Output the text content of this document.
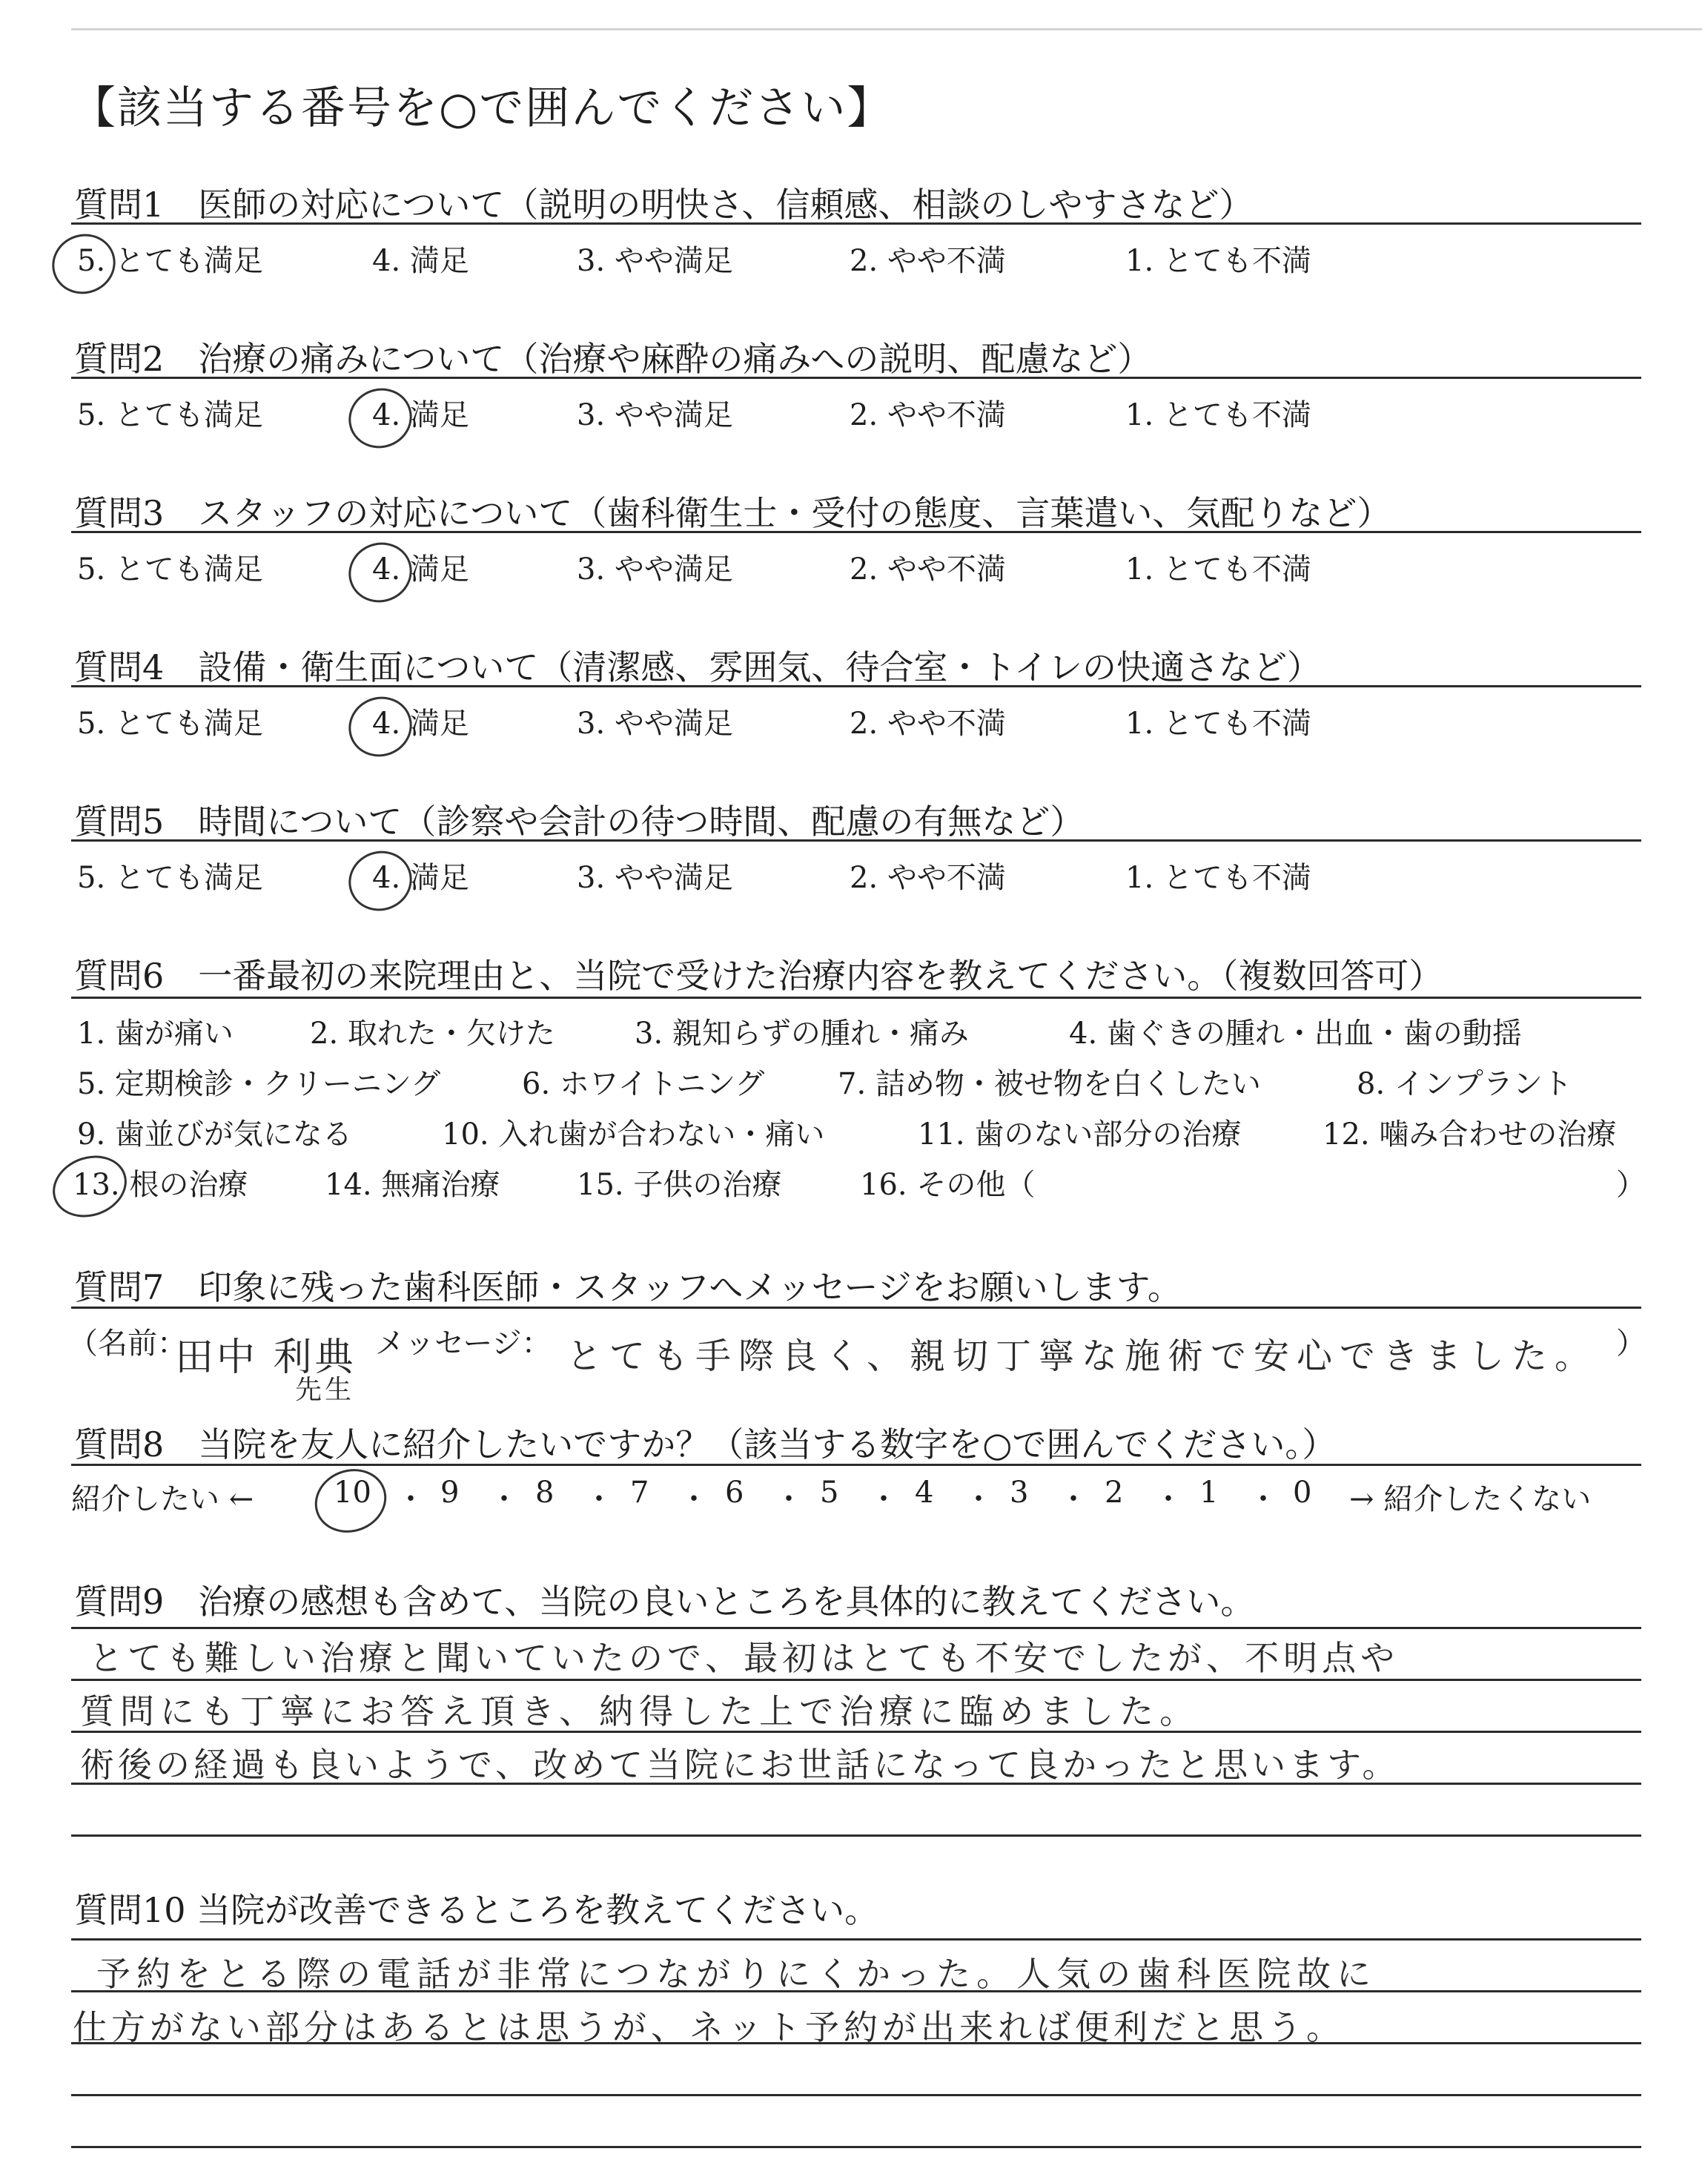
【該当する番号を○で囲んでください】
質問1　医師の対応について（説明の明快さ、信頼感、相談のしやすさなど）
5. とても満足	4. 満足	3. やや満足	2. やや不満	1. とても不満
質問2　治療の痛みについて（治療や麻酔の痛みへの説明、配慮など）
5. とても満足	4. 満足	3. やや満足	2. やや不満	1. とても不満
質問3　スタッフの対応について（歯科衛生士・受付の態度、言葉遣い、気配りなど）
5. とても満足	4. 満足	3. やや満足	2. やや不満	1. とても不満
質問4　設備・衛生面について（清潔感、雰囲気、待合室・トイレの快適さなど）
5. とても満足	4. 満足	3. やや満足	2. やや不満	1. とても不満
質問5　時間について（診察や会計の待つ時間、配慮の有無など）
5. とても満足	4. 満足	3. やや満足	2. やや不満	1. とても不満
質問6　一番最初の来院理由と、当院で受けた治療内容を教えてください。（複数回答可）
1. 歯が痛い	2. 取れた・欠けた	3. 親知らずの腫れ・痛み	4. 歯ぐきの腫れ・出血・歯の動揺
5. 定期検診・クリーニング	6. ホワイトニング 7. 詰め物・被せ物を白くしたい	8. インプラント
9. 歯並びが気になる	10. 入れ歯が合わない・痛い	11. 歯のない部分の治療	12. 噛み合わせの治療
13. 根の治療	14. 無痛治療	15. 子供の治療	16. その他（	）
質問7　印象に残った歯科医師・スタッフへメッセージをお願いします。
（名前：
田中 利典
先生
メッセージ： とても手際良く、親切丁寧な施術で安心できました。 ）
質問8　当院を友人に紹介したいですか？（該当する数字を○で囲んでください。）
紹介したい ←	10 ・ 9 ・ 8 ・ 7 ・ 6 ・ 5 ・ 4 ・ 3 ・ 2 ・ 1 ・ 0 → 紹介したくない
質問9　治療の感想も含めて、当院の良いところを具体的に教えてください。
とても難しい治療と聞いていたので、最初はとても不安でしたが、不明点や
質問にも丁寧にお答え頂き、納得した上で治療に臨めました。
術後の経過も良いようで、改めて当院にお世話になって良かったと思います。
質問10 当院が改善できるところを教えてください。
予約をとる際の電話が非常につながりにくかった。人気の歯科医院故に
仕方がない部分はあるとは思うが、ネット予約が出来れば便利だと思う。
